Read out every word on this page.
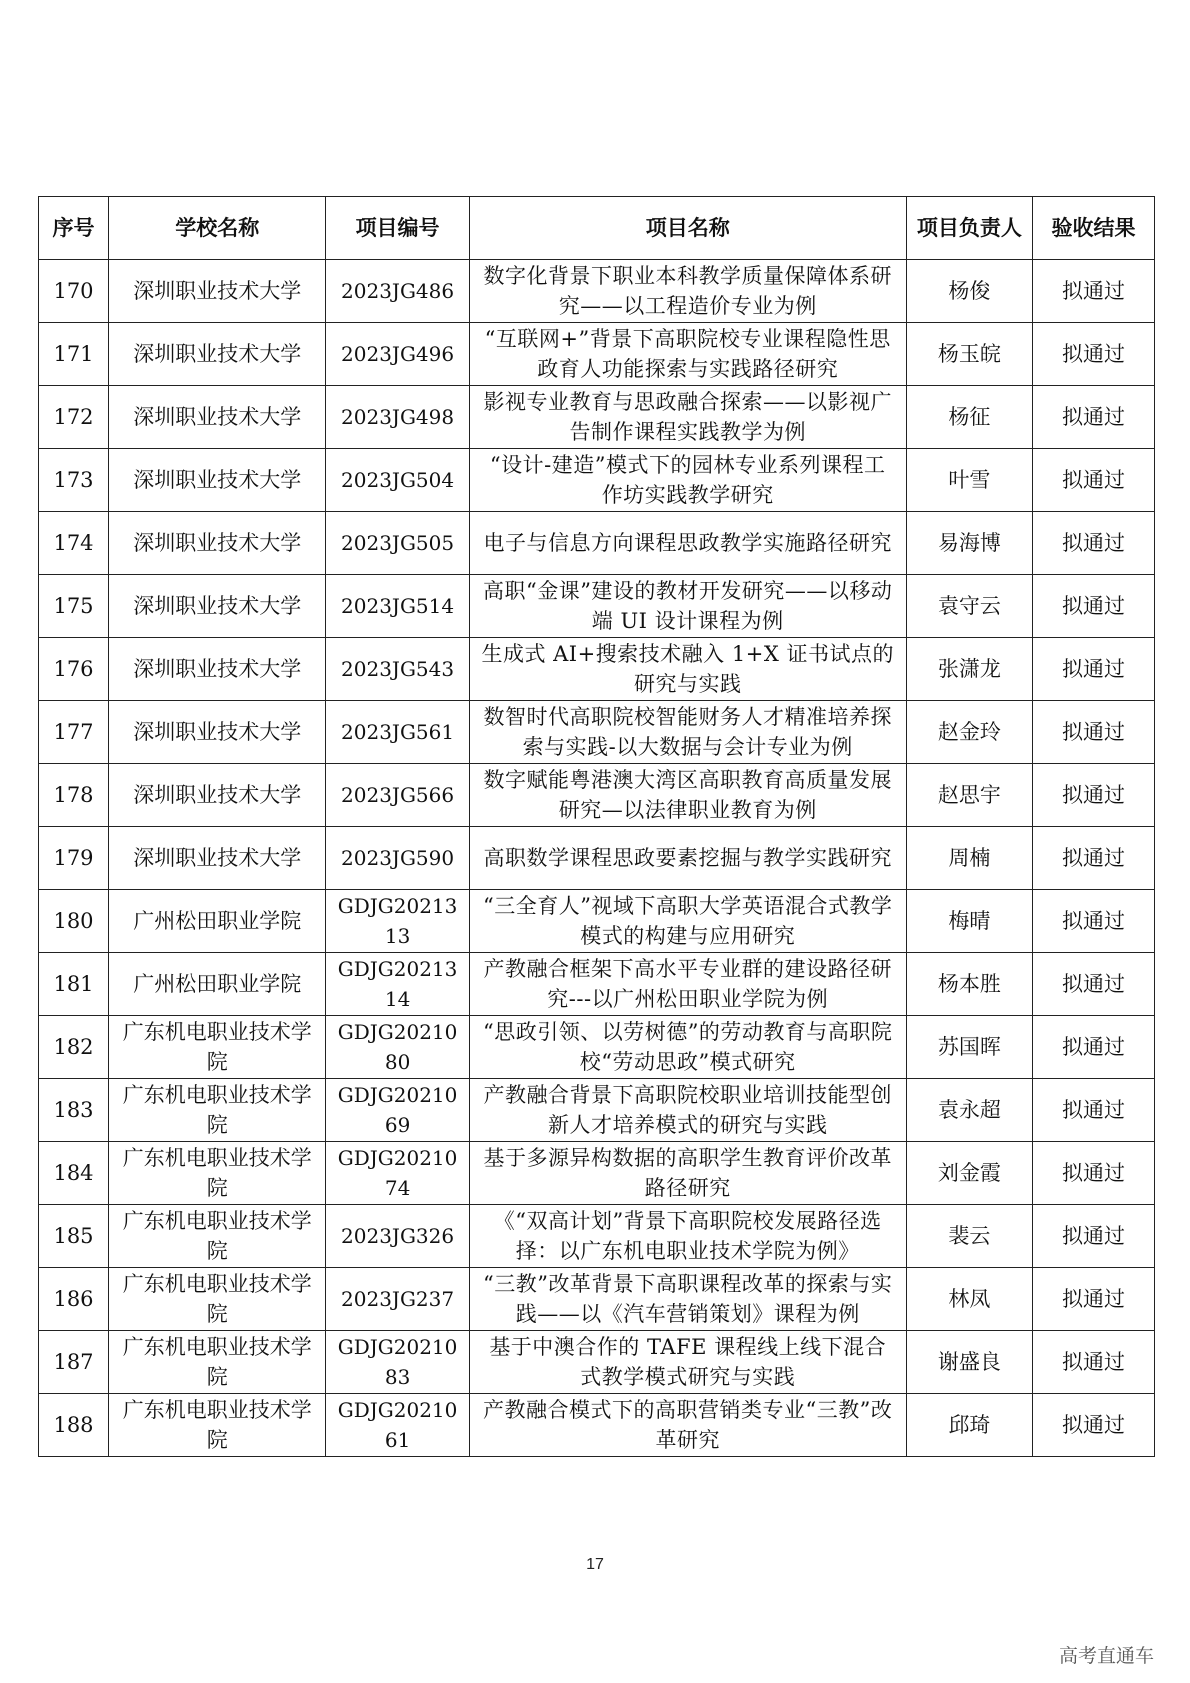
序号	学校名称	项目编号	项目名称	项目负责人	验收结果
170	深圳职业技术大学	2023JG486	数字化背景下职业本科教学质量保障体系研究——以工程造价专业为例	杨俊	拟通过
171	深圳职业技术大学	2023JG496	“互联网+”背景下高职院校专业课程隐性思政育人功能探索与实践路径研究	杨玉皖	拟通过
172	深圳职业技术大学	2023JG498	影视专业教育与思政融合探索——以影视广告制作课程实践教学为例	杨征	拟通过
173	深圳职业技术大学	2023JG504	“设计-建造”模式下的园林专业系列课程工作坊实践教学研究	叶雪	拟通过
174	深圳职业技术大学	2023JG505	电子与信息方向课程思政教学实施路径研究	易海博	拟通过
175	深圳职业技术大学	2023JG514	高职“金课”建设的教材开发研究——以移动端 UI 设计课程为例	袁守云	拟通过
176	深圳职业技术大学	2023JG543	生成式 AI+搜索技术融入 1+X 证书试点的研究与实践	张潇龙	拟通过
177	深圳职业技术大学	2023JG561	数智时代高职院校智能财务人才精准培养探索与实践-以大数据与会计专业为例	赵金玲	拟通过
178	深圳职业技术大学	2023JG566	数字赋能粤港澳大湾区高职教育高质量发展研究—以法律职业教育为例	赵思宇	拟通过
179	深圳职业技术大学	2023JG590	高职数学课程思政要素挖掘与教学实践研究	周楠	拟通过
180	广州松田职业学院	GDJG2021313	“三全育人”视域下高职大学英语混合式教学模式的构建与应用研究	梅晴	拟通过
181	广州松田职业学院	GDJG2021314	产教融合框架下高水平专业群的建设路径研究---以广州松田职业学院为例	杨本胜	拟通过
182	广东机电职业技术学院	GDJG2021080	“思政引领、以劳树德”的劳动教育与高职院校“劳动思政”模式研究	苏国晖	拟通过
183	广东机电职业技术学院	GDJG2021069	产教融合背景下高职院校职业培训技能型创新人才培养模式的研究与实践	袁永超	拟通过
184	广东机电职业技术学院	GDJG2021074	基于多源异构数据的高职学生教育评价改革路径研究	刘金霞	拟通过
185	广东机电职业技术学院	2023JG326	《“双高计划”背景下高职院校发展路径选择：以广东机电职业技术学院为例》	裴云	拟通过
186	广东机电职业技术学院	2023JG237	“三教”改革背景下高职课程改革的探索与实践——以《汽车营销策划》课程为例	林凤	拟通过
187	广东机电职业技术学院	GDJG2021083	基于中澳合作的 TAFE 课程线上线下混合式教学模式研究与实践	谢盛良	拟通过
188	广东机电职业技术学院	GDJG2021061	产教融合模式下的高职营销类专业“三教”改革研究	邱琦	拟通过
17
高考直通车
